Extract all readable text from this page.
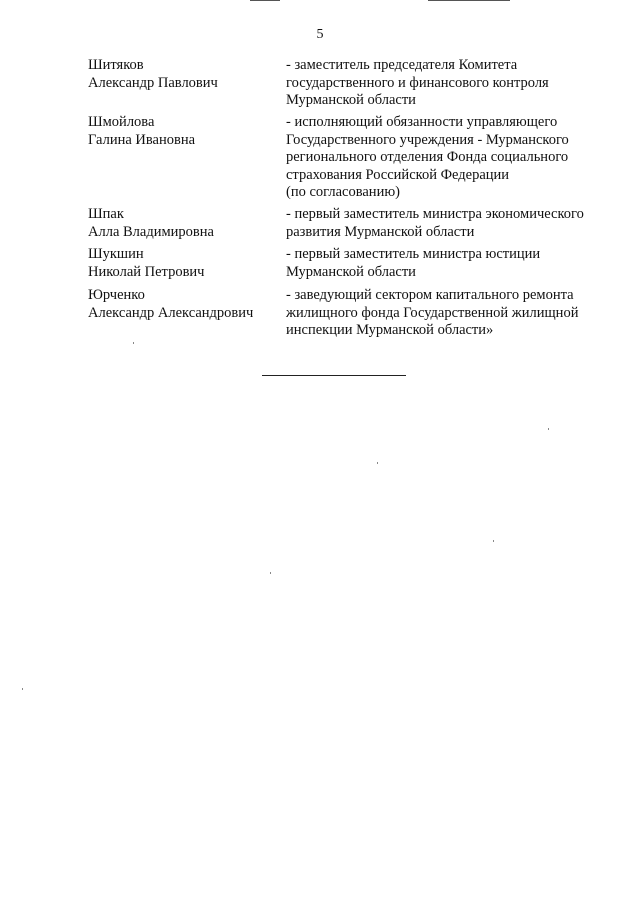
5
Шитяков
Александр Павлович
- заместитель председателя Комитета
государственного и финансового контроля
Мурманской области
Шмойлова
Галина Ивановна
- исполняющий обязанности управляющего
Государственного учреждения - Мурманского
регионального отделения Фонда социального
страхования Российской Федерации
(по согласованию)
Шпак
Алла Владимировна
- первый заместитель министра экономического
развития Мурманской области
Шукшин
Николай Петрович
- первый заместитель министра юстиции
Мурманской области
Юрченко
Александр Александрович
- заведующий сектором капитального ремонта
жилищного фонда Государственной жилищной
инспекции Мурманской области»
